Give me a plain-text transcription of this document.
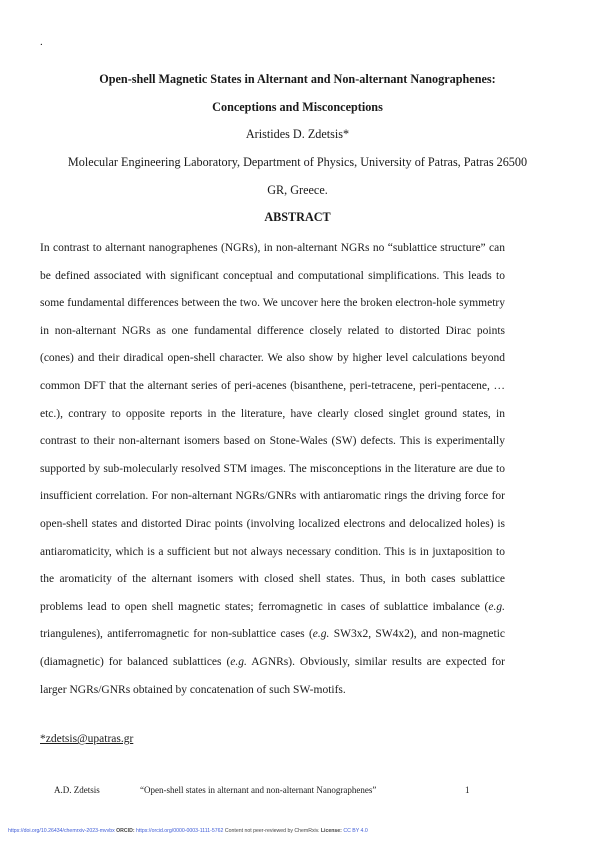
.
Open-shell Magnetic States in Alternant and Non-alternant Nanographenes:
Conceptions and Misconceptions
Aristides D. Zdetsis*
Molecular Engineering Laboratory, Department of Physics, University of Patras, Patras 26500
GR, Greece.
ABSTRACT

In contrast to alternant nanographenes (NGRs), in non-alternant NGRs no “sublattice structure” can be defined associated with significant conceptual and computational simplifications. This leads to some fundamental differences between the two. We uncover here the broken electron-hole symmetry in non-alternant NGRs as one fundamental difference closely related to distorted Dirac points (cones) and their diradical open-shell character. We also show by higher level calculations beyond common DFT that the alternant series of peri-acenes (bisanthene, peri-tetracene, peri-pentacene, … etc.), contrary to opposite reports in the literature, have clearly closed singlet ground states, in contrast to their non-alternant isomers based on Stone-Wales (SW) defects. This is experimentally supported by sub-molecularly resolved STM images. The misconceptions in the literature are due to insufficient correlation. For non-alternant NGRs/GNRs with antiaromatic rings the driving force for open-shell states and distorted Dirac points (involving localized electrons and delocalized holes) is antiaromaticity, which is a sufficient but not always necessary condition. This is in juxtaposition to the aromaticity of the alternant isomers with closed shell states. Thus, in both cases sublattice problems lead to open shell magnetic states; ferromagnetic in cases of sublattice imbalance (e.g. triangulenes), antiferromagnetic for non-sublattice cases (e.g. SW3x2, SW4x2), and non-magnetic (diamagnetic) for balanced sublattices (e.g. AGNRs). Obviously, similar results are expected for larger NGRs/GNRs obtained by concatenation of such SW-motifs.

*zdetsis@upatras.gr
A.D. Zdetsis	“Open-shell states in alternant and non-alternant Nanographenes”	1
https://doi.org/10.26434/chemrxiv-2023-mvvbx ORCID: https://orcid.org/0000-0003-1111-5762 Content not peer-reviewed by ChemRxiv. License: CC BY 4.0
